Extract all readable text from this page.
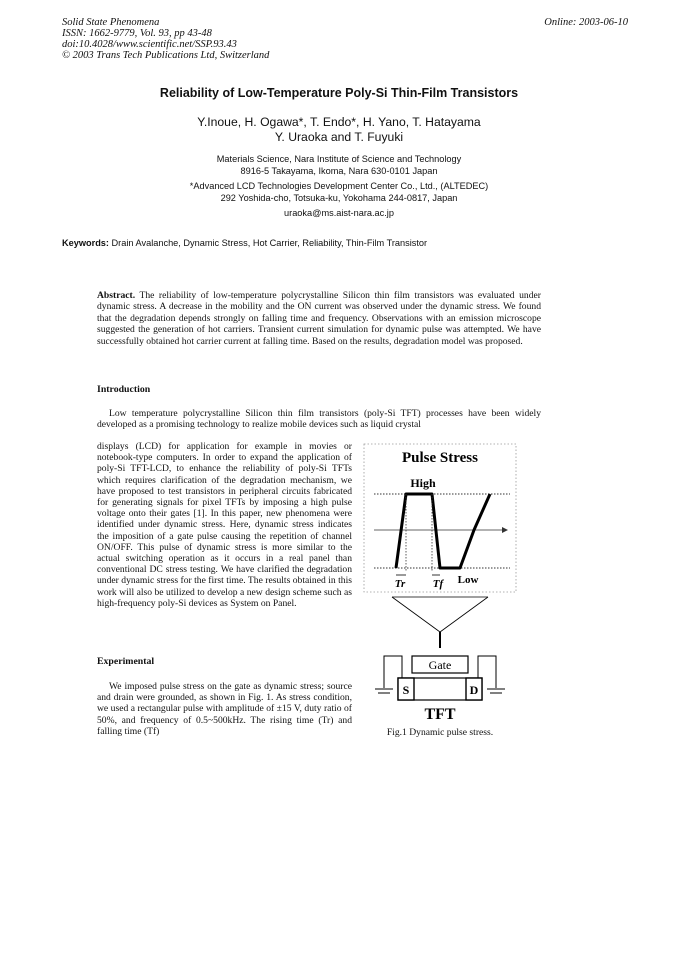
Solid State Phenomena
ISSN: 1662-9779, Vol. 93, pp 43-48
doi:10.4028/www.scientific.net/SSP.93.43
© 2003 Trans Tech Publications Ltd, Switzerland
Online: 2003-06-10
Reliability of Low-Temperature Poly-Si Thin-Film Transistors
Y.Inoue, H. Ogawa*, T. Endo*, H. Yano, T. Hatayama
Y. Uraoka and T. Fuyuki
Materials Science, Nara Institute of Science and Technology
8916-5 Takayama, Ikoma, Nara 630-0101 Japan
*Advanced LCD Technologies Development Center Co., Ltd., (ALTEDEC)
292 Yoshida-cho, Totsuka-ku, Yokohama 244-0817, Japan
uraoka@ms.aist-nara.ac.jp
Keywords: Drain Avalanche, Dynamic Stress, Hot Carrier, Reliability, Thin-Film Transistor
Abstract. The reliability of low-temperature polycrystalline Silicon thin film transistors was evaluated under dynamic stress. A decrease in the mobility and the ON current was observed under the dynamic stress. We found that the degradation depends strongly on falling time and frequency. Observations with an emission microscope suggested the generation of hot carriers. Transient current simulation for dynamic pulse was attempted. We have successfully obtained hot carrier current at falling time. Based on the results, degradation model was proposed.
Introduction
Low temperature polycrystalline Silicon thin film transistors (poly-Si TFT) processes have been widely developed as a promising technology to realize mobile devices such as liquid crystal
displays (LCD) for application for example in movies or notebook-type computers. In order to expand the application of poly-Si TFT-LCD, to enhance the reliability of poly-Si TFTs which requires clarification of the degradation mechanism, we have proposed to test transistors in peripheral circuits fabricated for generating signals for pixel TFTs by imposing a high pulse voltage onto their gates [1]. In this paper, new phenomena were identified under dynamic stress. Here, dynamic stress indicates the imposition of a gate pulse causing the repetition of channel ON/OFF. This pulse of dynamic stress is more similar to the actual switching operation as it occurs in a real panel than conventional DC stress testing. We have clarified the degradation under dynamic stress for the first time. The results obtained in this work will also be utilized to develop a new design scheme such as high-frequency poly-Si devices as System on Panel.
Experimental
We imposed pulse stress on the gate as dynamic stress; source and drain were grounded, as shown in Fig. 1. As stress condition, we used a rectangular pulse with amplitude of ±15 V, duty ratio of 50%, and frequency of 0.5~500kHz. The rising time (Tr) and falling time (Tf)
Pulse Stress
High
Tr	Tf Low
Gate
S	D
TFT
Fig.1 Dynamic pulse stress.
